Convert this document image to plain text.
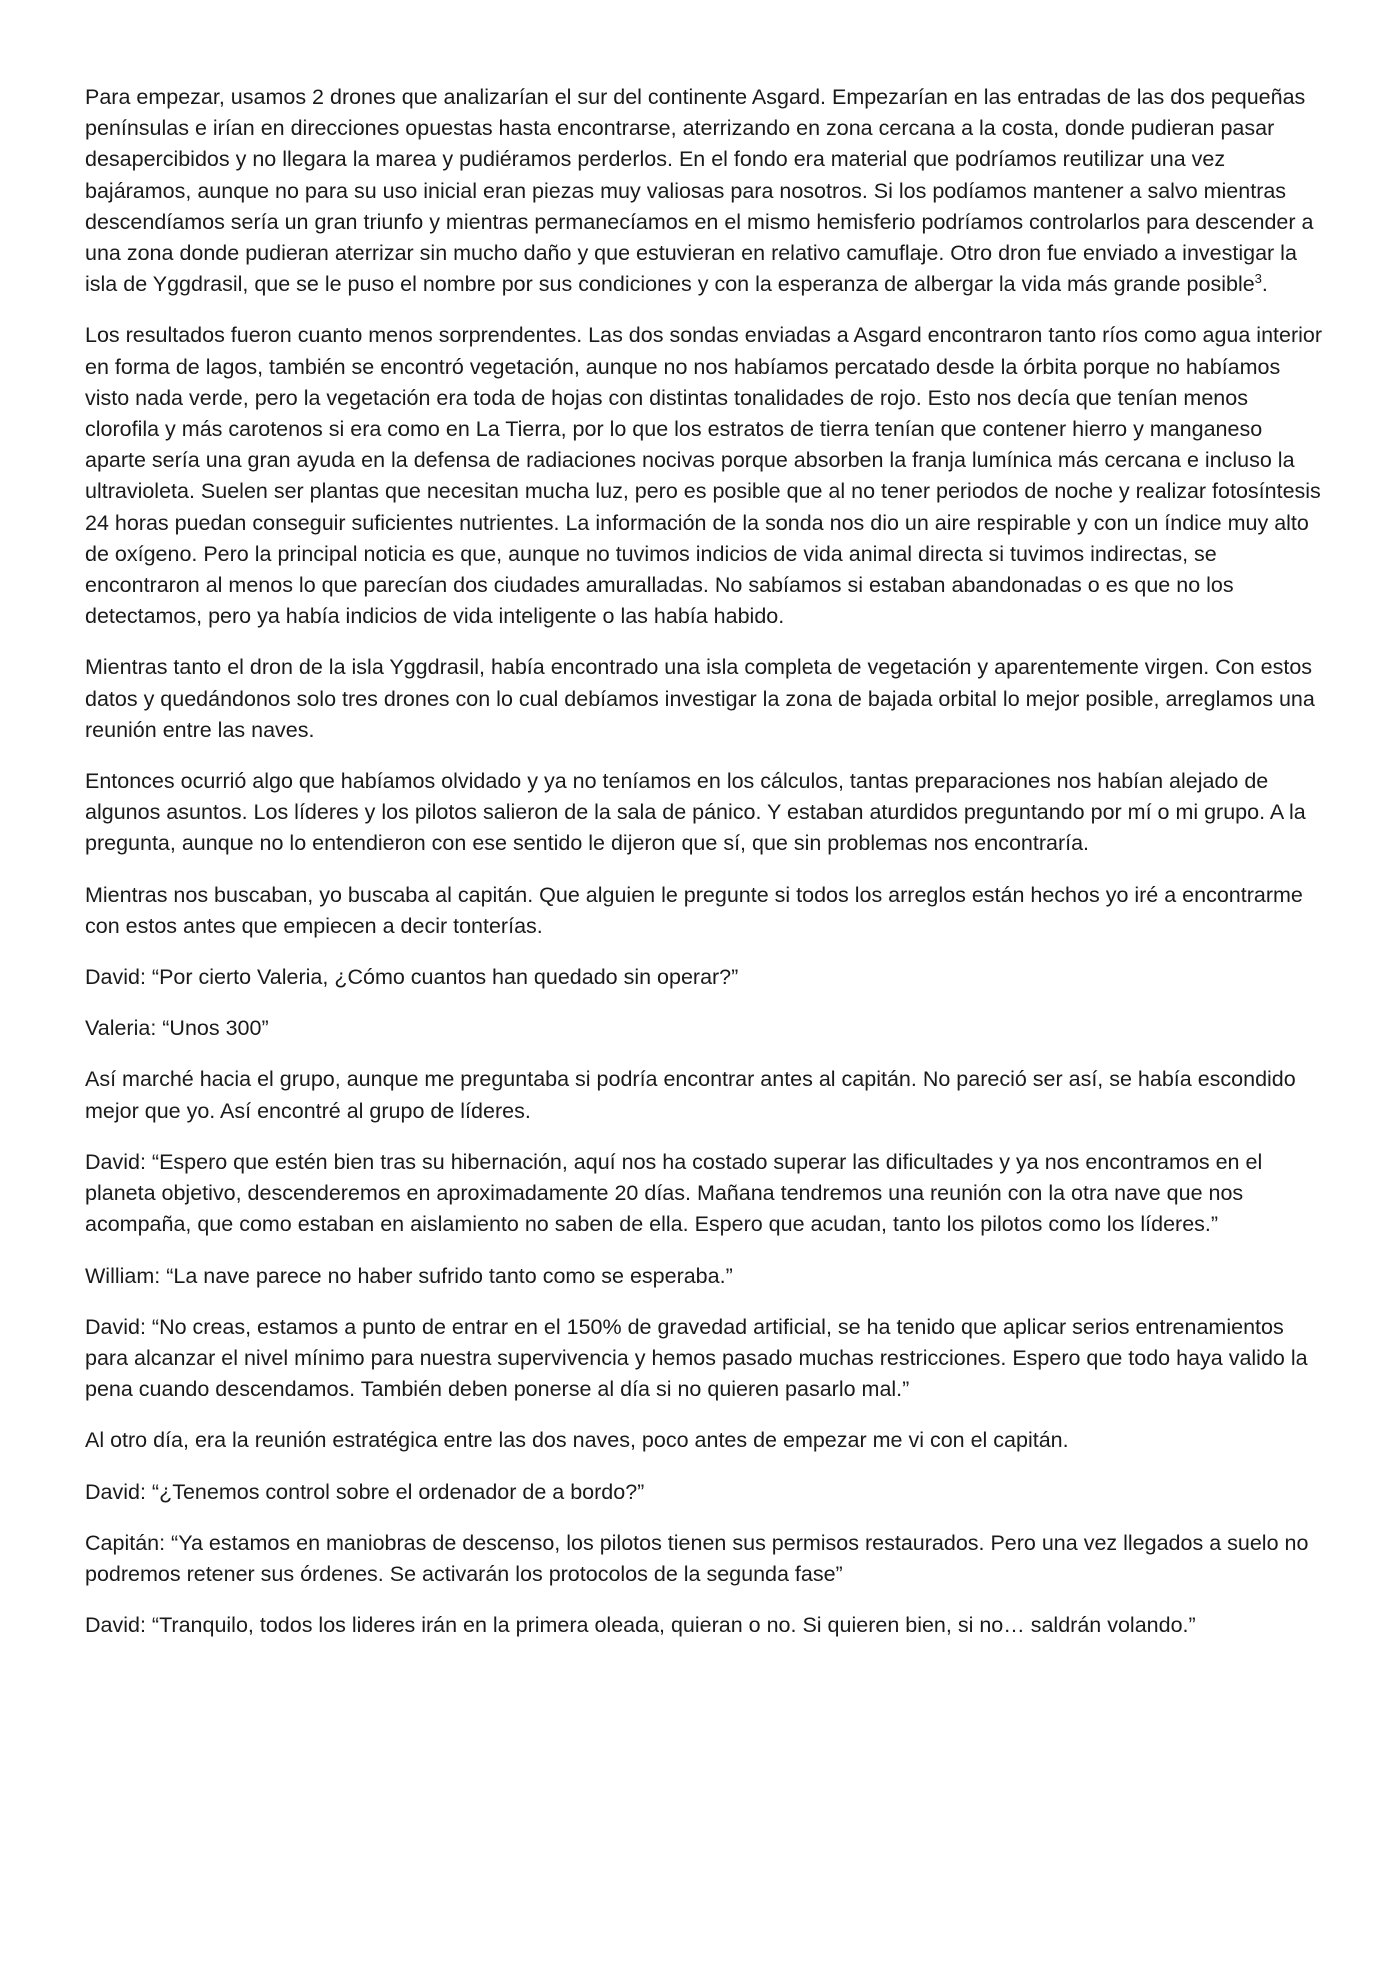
Para empezar, usamos 2 drones que analizarían el sur del continente Asgard. Empezarían en las entradas de las dos pequeñas penínsulas e irían en direcciones opuestas hasta encontrarse, aterrizando en zona cercana a la costa, donde pudieran pasar desapercibidos y no llegara la marea y pudiéramos perderlos. En el fondo era material que podríamos reutilizar una vez bajáramos, aunque no para su uso inicial eran piezas muy valiosas para nosotros. Si los podíamos mantener a salvo mientras descendíamos sería un gran triunfo y mientras permanecíamos en el mismo hemisferio podríamos controlarlos para descender a una zona donde pudieran aterrizar sin mucho daño y que estuvieran en relativo camuflaje. Otro dron fue enviado a investigar la isla de Yggdrasil, que se le puso el nombre por sus condiciones y con la esperanza de albergar la vida más grande posible$^3$.

Los resultados fueron cuanto menos sorprendentes. Las dos sondas enviadas a Asgard encontraron tanto ríos como agua interior en forma de lagos, también se encontró vegetación, aunque no nos habíamos percatado desde la órbita porque no habíamos visto nada verde, pero la vegetación era toda de hojas con distintas tonalidades de rojo. Esto nos decía que tenían menos clorofila y más carotenos si era como en La Tierra, por lo que los estratos de tierra tenían que contener hierro y manganeso aparte sería una gran ayuda en la defensa de radiaciones nocivas porque absorben la franja lumínica más cercana e incluso la ultravioleta. Suelen ser plantas que necesitan mucha luz, pero es posible que al no tener periodos de noche y realizar fotosíntesis 24 horas puedan conseguir suficientes nutrientes. La información de la sonda nos dio un aire respirable y con un índice muy alto de oxígeno. Pero la principal noticia es que, aunque no tuvimos indicios de vida animal directa si tuvimos indirectas, se encontraron al menos lo que parecían dos ciudades amuralladas. No sabíamos si estaban abandonadas o es que no los detectamos, pero ya había indicios de vida inteligente o las había habido.

Mientras tanto el dron de la isla Yggdrasil, había encontrado una isla completa de vegetación y aparentemente virgen. Con estos datos y quedándonos solo tres drones con lo cual debíamos investigar la zona de bajada orbital lo mejor posible, arreglamos una reunión entre las naves.

Entonces ocurrió algo que habíamos olvidado y ya no teníamos en los cálculos, tantas preparaciones nos habían alejado de algunos asuntos. Los líderes y los pilotos salieron de la sala de pánico. Y estaban aturdidos preguntando por mí o mi grupo. A la pregunta, aunque no lo entendieron con ese sentido le dijeron que sí, que sin problemas nos encontraría.

Mientras nos buscaban, yo buscaba al capitán. Que alguien le pregunte si todos los arreglos están hechos yo iré a encontrarme con estos antes que empiecen a decir tonterías.

David: “Por cierto Valeria, ¿Cómo cuantos han quedado sin operar?”

Valeria: “Unos 300”

Así marché hacia el grupo, aunque me preguntaba si podría encontrar antes al capitán. No pareció ser así, se había escondido mejor que yo. Así encontré al grupo de líderes.

David: “Espero que estén bien tras su hibernación, aquí nos ha costado superar las dificultades y ya nos encontramos en el planeta objetivo, descenderemos en aproximadamente 20 días. Mañana tendremos una reunión con la otra nave que nos acompaña, que como estaban en aislamiento no saben de ella. Espero que acudan, tanto los pilotos como los líderes.”

William: “La nave parece no haber sufrido tanto como se esperaba.”

David: “No creas, estamos a punto de entrar en el 150% de gravedad artificial, se ha tenido que aplicar serios entrenamientos para alcanzar el nivel mínimo para nuestra supervivencia y hemos pasado muchas restricciones. Espero que todo haya valido la pena cuando descendamos. También deben ponerse al día si no quieren pasarlo mal.”

Al otro día, era la reunión estratégica entre las dos naves, poco antes de empezar me vi con el capitán.

David: “¿Tenemos control sobre el ordenador de a bordo?”

Capitán: “Ya estamos en maniobras de descenso, los pilotos tienen sus permisos restaurados. Pero una vez llegados a suelo no podremos retener sus órdenes. Se activarán los protocolos de la segunda fase”

David: “Tranquilo, todos los lideres irán en la primera oleada, quieran o no. Si quieren bien, si no… saldrán volando.”
